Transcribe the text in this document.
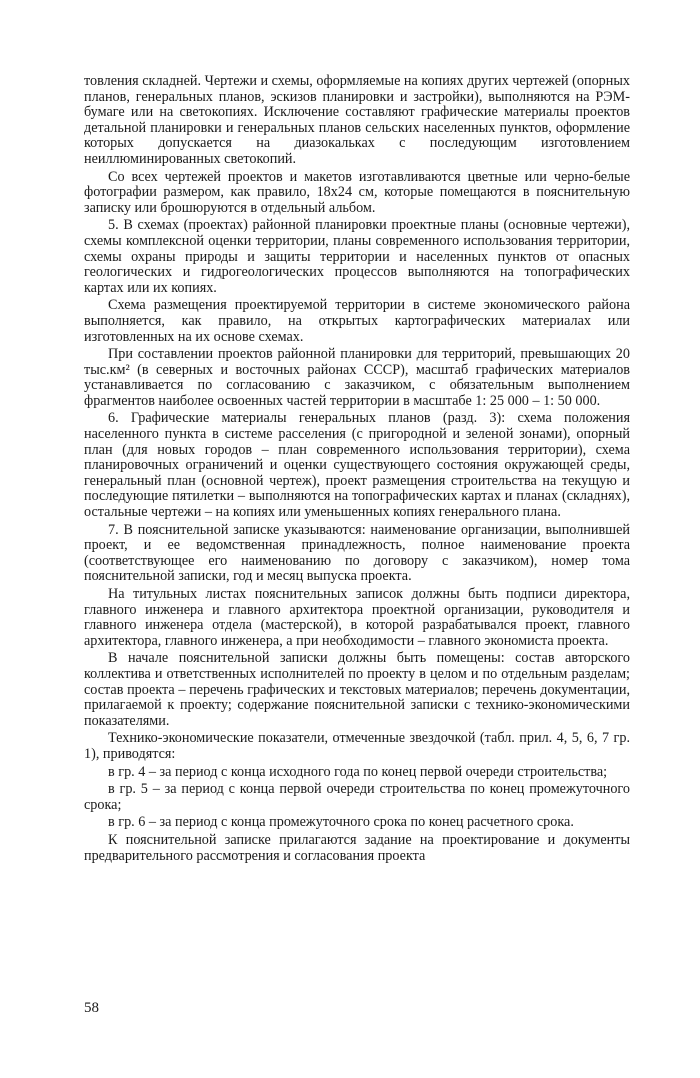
товления складней. Чертежи и схемы, оформляемые на копиях других чертежей (опорных планов, генеральных планов, эскизов планировки и застройки), выполняются на РЭМ-бумаге или на светокопиях. Исключение составляют графические материалы проектов детальной планировки и генеральных планов сельских населенных пунктов, оформление которых допускается на диазокальках с последующим изготовлением неиллюминированных светокопий.

Со всех чертежей проектов и макетов изготавливаются цветные или черно-белые фотографии размером, как правило, 18х24 см, которые помещаются в пояснительную записку или брошюруются в отдельный альбом.

5. В схемах (проектах) районной планировки проектные планы (основные чертежи), схемы комплексной оценки территории, планы современного использования территории, схемы охраны природы и защиты территории и населенных пунктов от опасных геологических и гидрогеологических процессов выполняются на топографических картах или их копиях.

Схема размещения проектируемой территории в системе экономического района выполняется, как правило, на открытых картографических материалах или изготовленных на их основе схемах.

При составлении проектов районной планировки для территорий, превышающих 20 тыс.км² (в северных и восточных районах СССР), масштаб графических материалов устанавливается по согласованию с заказчиком, с обязательным выполнением фрагментов наиболее освоенных частей территории в масштабе 1: 25 000 – 1: 50 000.

6. Графические материалы генеральных планов (разд. 3): схема положения населенного пункта в системе расселения (с пригородной и зеленой зонами), опорный план (для новых городов – план современного использования территории), схема планировочных ограничений и оценки существующего состояния окружающей среды, генеральный план (основной чертеж), проект размещения строительства на текущую и последующие пятилетки – выполняются на топографических картах и планах (складнях), остальные чертежи – на копиях или уменьшенных копиях генерального плана.

7. В пояснительной записке указываются: наименование организации, выполнившей проект, и ее ведомственная принадлежность, полное наименование проекта (соответствующее его наименованию по договору с заказчиком), номер тома пояснительной записки, год и месяц выпуска проекта.

На титульных листах пояснительных записок должны быть подписи директора, главного инженера и главного архитектора проектной организации, руководителя и главного инженера отдела (мастерской), в которой разрабатывался проект, главного архитектора, главного инженера, а при необходимости – главного экономиста проекта.

В начале пояснительной записки должны быть помещены: состав авторского коллектива и ответственных исполнителей по проекту в целом и по отдельным разделам; состав проекта – перечень графических и текстовых материалов; перечень документации, прилагаемой к проекту; содержание пояснительной записки с технико-экономическими показателями.

Технико-экономические показатели, отмеченные звездочкой (табл. прил. 4, 5, 6, 7 гр. 1), приводятся:

в гр. 4 – за период с конца исходного года по конец первой очереди строительства;

в гр. 5 – за период с конца первой очереди строительства по конец промежуточного срока;

в гр. 6 – за период с конца промежуточного срока по конец расчетного срока.

К пояснительной записке прилагаются задание на проектирование и документы предварительного рассмотрения и согласования проекта

58
